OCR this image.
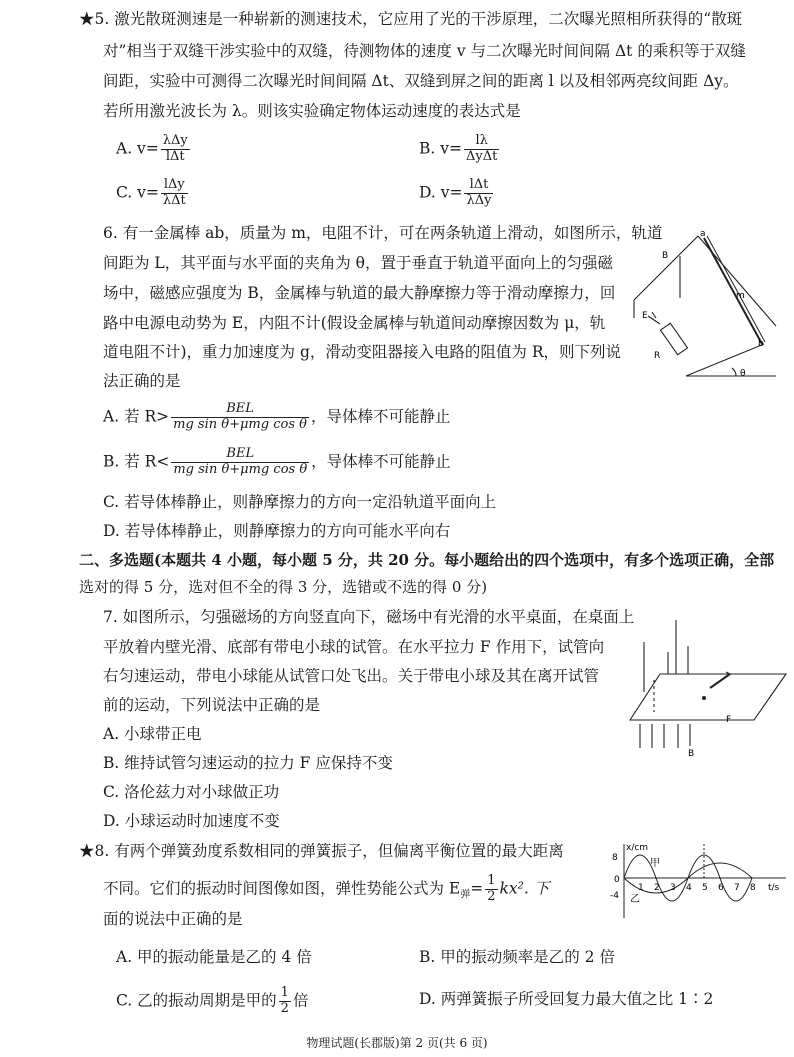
★5. 激光散斑测速是一种崭新的测速技术，它应用了光的干涉原理，二次曝光照相所获得的“散斑
对”相当于双缝干涉实验中的双缝，待测物体的速度 v 与二次曝光时间间隔 Δt 的乘积等于双缝
间距，实验中可测得二次曝光时间间隔 Δt、双缝到屏之间的距离 l 以及相邻两亮纹间距 Δy。
若所用激光波长为 λ。则该实验确定物体运动速度的表达式是
A. $v= \frac{\text{λΔy}}{\text{lΔt}}$	B. $v= \frac{l\lambda}{\text{ΔyΔt}}$
C. $v= \frac{\text{lΔy}}{\text{λΔt}}$	D. $v= \frac{\text{lΔt}}{\text{λΔy}}$
6. 有一金属棒 ab，质量为 m，电阻不计，可在两条轨道上滑动，如图所示，轨道
间距为 L，其平面与水平面的夹角为 θ，置于垂直于轨道平面向上的匀强磁
场中，磁感应强度为 B，金属棒与轨道的最大静摩擦力等于滑动摩擦力，回
路中电源电动势为 E，内阻不计(假设金属棒与轨道间动摩擦因数为 μ，轨
道电阻不计)，重力加速度为 g，滑动变阻器接入电路的阻值为 R，则下列说
法正确的是
B
a
b
m
E
R
θ
A. 若 $R> \frac{\text{BEL}}{\text{mg sin θ+μmg cos θ}}$ ，导体棒不可能静止
B. 若 $R< \frac{\text{BEL}}{\text{mg sin θ+μmg cos θ}}$ ，导体棒不可能静止
C. 若导体棒静止，则静摩擦力的方向一定沿轨道平面向上
D. 若导体棒静止，则静摩擦力的方向可能水平向右
二、多选题(本题共 4 小题，每小题 5 分，共 20 分。每小题给出的四个选项中，有多个选项正确，全部
选对的得 5 分，选对但不全的得 3 分，选错或不选的得 0 分)
7. 如图所示，匀强磁场的方向竖直向下，磁场中有光滑的水平桌面，在桌面上
平放着内壁光滑、底部有带电小球的试管。在水平拉力 F 作用下，试管向
右匀速运动，带电小球能从试管口处飞出。关于带电小球及其在离开试管
前的运动，下列说法中正确的是
A. 小球带正电
B. 维持试管匀速运动的拉力 F 应保持不变
C. 洛伦兹力对小球做正功
D. 小球运动时加速度不变
F
B
★8. 有两个弹簧劲度系数相同的弹簧振子，但偏离平衡位置的最大距离
不同。它们的振动时间图像如图，弹性势能公式为 $E_弹= \frac{1}{2} kx^2$. 下
面的说法中正确的是
x/cm
t/s
8
0
-4
1 2 3 4 5 6 7 8
甲
乙
A. 甲的振动能量是乙的 4 倍	B. 甲的振动频率是乙的 2 倍
C. 乙的振动周期是甲的 $\frac{1}{2}$ 倍	D. 两弹簧振子所受回复力最大值之比 1∶2
物理试题(长郡版)第 2 页(共 6 页)
